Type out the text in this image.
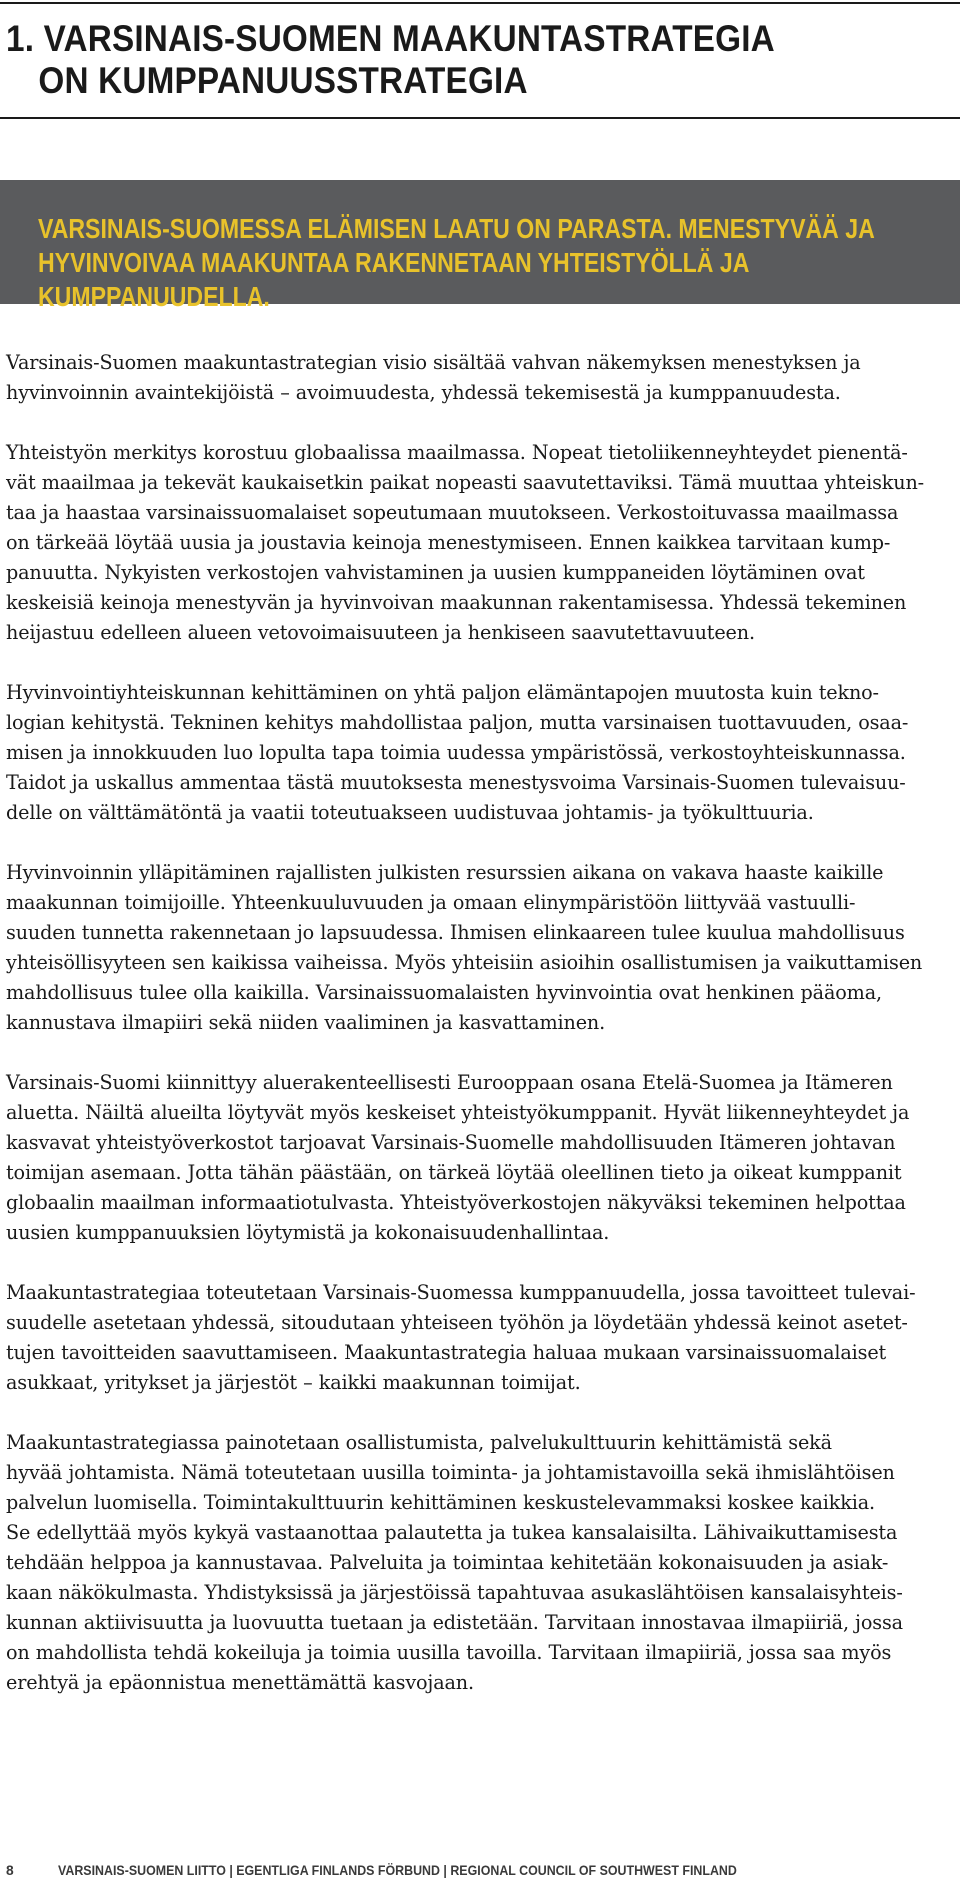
1. VARSINAIS-SUOMEN MAAKUNTASTRATEGIA
ON KUMPPANUUSSTRATEGIA

VARSINAIS-SUOMESSA ELÄMISEN LAATU ON PARASTA. MENESTYVÄÄ JA
HYVINVOIVAA MAAKUNTAA RAKENNETAAN YHTEISTYÖLLÄ JA KUMPPANUUDELLA.

Varsinais-Suomen maakuntastrategian visio sisältää vahvan näkemyksen menestyksen ja
hyvinvoinnin avaintekijöistä – avoimuudesta, yhdessä tekemisestä ja kumppanuudesta.

Yhteistyön merkitys korostuu globaalissa maailmassa. Nopeat tietoliikenneyhteydet pienentä-
vät maailmaa ja tekevät kaukaisetkin paikat nopeasti saavutettaviksi. Tämä muuttaa yhteiskun-
taa ja haastaa varsinaissuomalaiset sopeutumaan muutokseen. Verkostoituvassa maailmassa
on tärkeää löytää uusia ja joustavia keinoja menestymiseen. Ennen kaikkea tarvitaan kump-
panuutta. Nykyisten verkostojen vahvistaminen ja uusien kumppaneiden löytäminen ovat
keskeisiä keinoja menestyvän ja hyvinvoivan maakunnan rakentamisessa. Yhdessä tekeminen
heijastuu edelleen alueen vetovoimaisuuteen ja henkiseen saavutettavuuteen.

Hyvinvointiyhteiskunnan kehittäminen on yhtä paljon elämäntapojen muutosta kuin tekno-
logian kehitystä. Tekninen kehitys mahdollistaa paljon, mutta varsinaisen tuottavuuden, osaa-
misen ja innokkuuden luo lopulta tapa toimia uudessa ympäristössä, verkostoyhteiskunnassa.
Taidot ja uskallus ammentaa tästä muutoksesta menestysvoima Varsinais-Suomen tulevaisuu-
delle on välttämätöntä ja vaatii toteutuakseen uudistuvaa johtamis- ja työkulttuuria.

Hyvinvoinnin ylläpitäminen rajallisten julkisten resurssien aikana on vakava haaste kaikille
maakunnan toimijoille. Yhteenkuuluvuuden ja omaan elinympäristöön liittyvää vastuulli-
suuden tunnetta rakennetaan jo lapsuudessa. Ihmisen elinkaareen tulee kuulua mahdollisuus
yhteisöllisyyteen sen kaikissa vaiheissa. Myös yhteisiin asioihin osallistumisen ja vaikuttamisen
mahdollisuus tulee olla kaikilla. Varsinaissuomalaisten hyvinvointia ovat henkinen pääoma,
kannustava ilmapiiri sekä niiden vaaliminen ja kasvattaminen.

Varsinais-Suomi kiinnittyy aluerakenteellisesti Eurooppaan osana Etelä-Suomea ja Itämeren
aluetta. Näiltä alueilta löytyvät myös keskeiset yhteistyökumppanit. Hyvät liikenneyhteydet ja
kasvavat yhteistyöverkostot tarjoavat Varsinais-Suomelle mahdollisuuden Itämeren johtavan
toimijan asemaan. Jotta tähän päästään, on tärkeä löytää oleellinen tieto ja oikeat kumppanit
globaalin maailman informaatiotulvasta. Yhteistyöverkostojen näkyväksi tekeminen helpottaa
uusien kumppanuuksien löytymistä ja kokonaisuudenhallintaa.

Maakuntastrategiaa toteutetaan Varsinais-Suomessa kumppanuudella, jossa tavoitteet tulevai-
suudelle asetetaan yhdessä, sitoudutaan yhteiseen työhön ja löydetään yhdessä keinot asetet-
tujen tavoitteiden saavuttamiseen. Maakuntastrategia haluaa mukaan varsinaissuomalaiset
asukkaat, yritykset ja järjestöt – kaikki maakunnan toimijat.

Maakuntastrategiassa painotetaan osallistumista, palvelukulttuurin kehittämistä sekä
hyvää johtamista. Nämä toteutetaan uusilla toiminta- ja johtamistavoilla sekä ihmislähtöisen
palvelun luomisella. Toimintakulttuurin kehittäminen keskustelevammaksi koskee kaikkia.
Se edellyttää myös kykyä vastaanottaa palautetta ja tukea kansalaisilta. Lähivaikuttamisesta
tehdään helppoa ja kannustavaa. Palveluita ja toimintaa kehitetään kokonaisuuden ja asiak-
kaan näkökulmasta. Yhdistyksissä ja järjestöissä tapahtuvaa asukaslähtöisen kansalaisyhteis-
kunnan aktiivisuutta ja luovuutta tuetaan ja edistetään. Tarvitaan innostavaa ilmapiiriä, jossa
on mahdollista tehdä kokeiluja ja toimia uusilla tavoilla. Tarvitaan ilmapiiriä, jossa saa myös
erehtyä ja epäonnistua menettämättä kasvojaan.

8	VARSINAIS-SUOMEN LIITTO | EGENTLIGA FINLANDS FÖRBUND | REGIONAL COUNCIL OF SOUTHWEST FINLAND
